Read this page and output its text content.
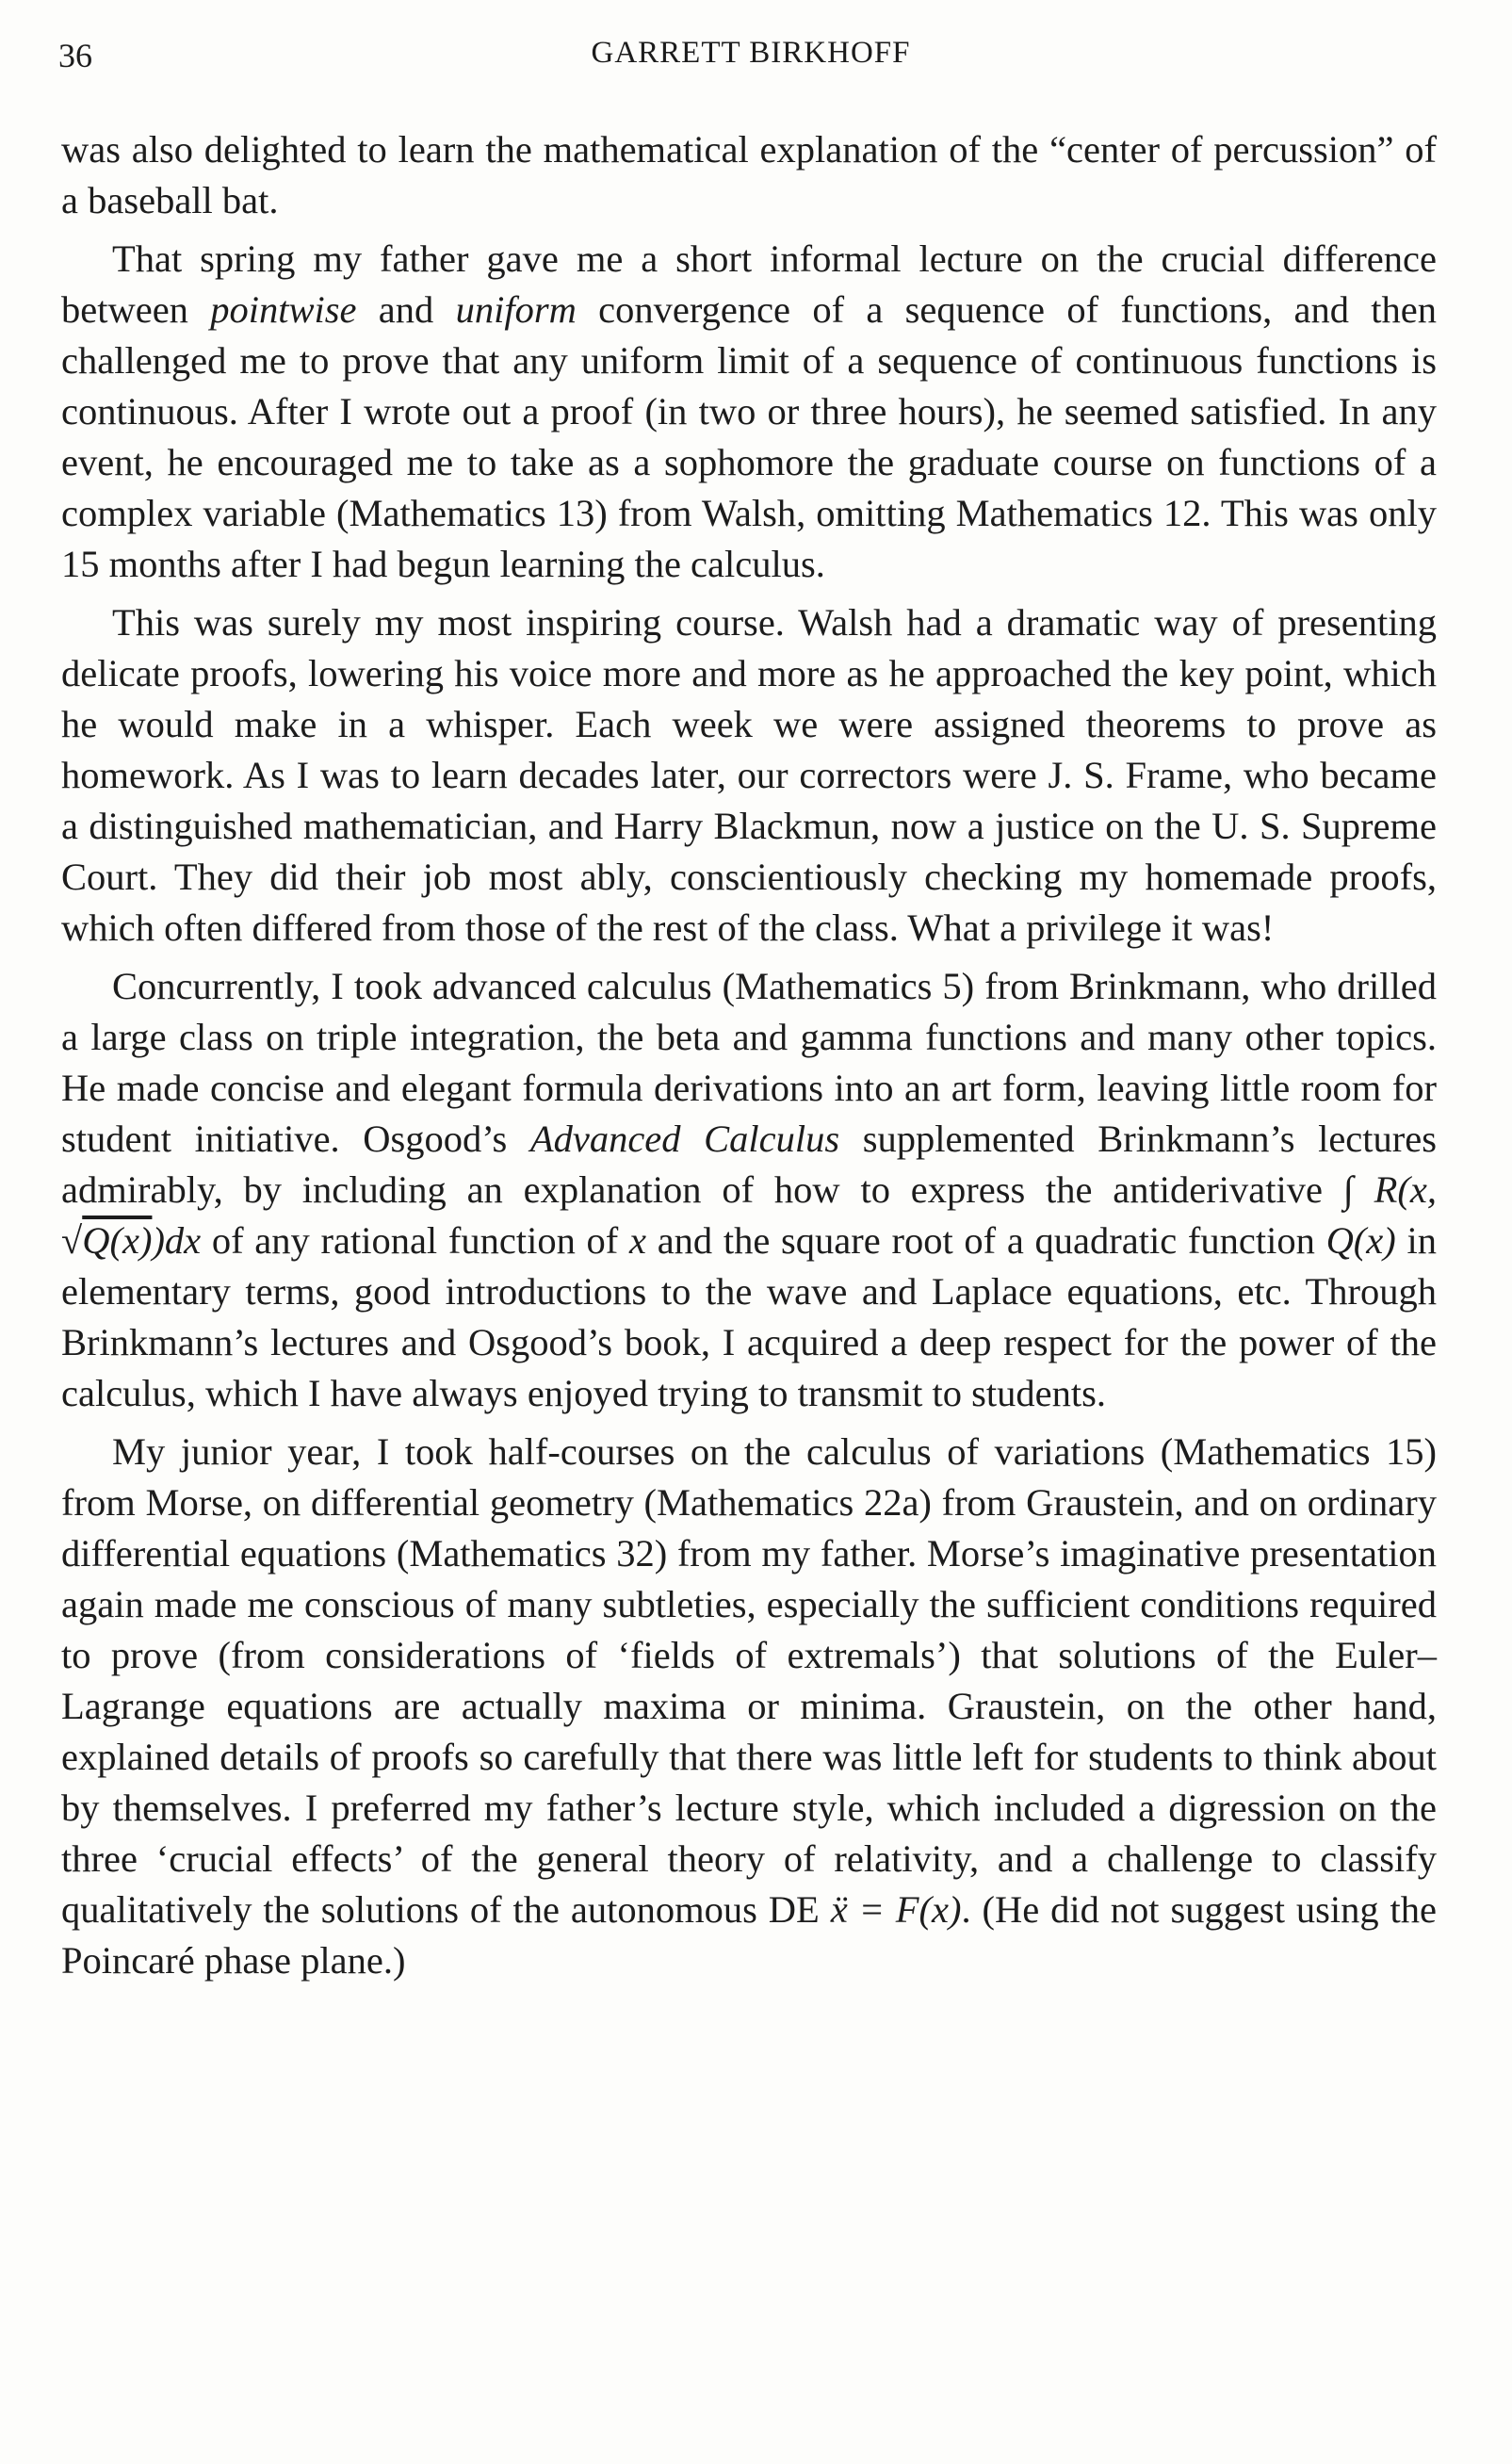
36	GARRETT BIRKHOFF

was also delighted to learn the mathematical explanation of the “center of percussion” of a baseball bat.

That spring my father gave me a short informal lecture on the crucial difference between pointwise and uniform convergence of a sequence of functions, and then challenged me to prove that any uniform limit of a sequence of continuous functions is continuous. After I wrote out a proof (in two or three hours), he seemed satisfied. In any event, he encouraged me to take as a sophomore the graduate course on functions of a complex variable (Mathematics 13) from Walsh, omitting Mathematics 12. This was only 15 months after I had begun learning the calculus.

This was surely my most inspiring course. Walsh had a dramatic way of presenting delicate proofs, lowering his voice more and more as he approached the key point, which he would make in a whisper. Each week we were assigned theorems to prove as homework. As I was to learn decades later, our correctors were J. S. Frame, who became a distinguished mathematician, and Harry Blackmun, now a justice on the U. S. Supreme Court. They did their job most ably, conscientiously checking my homemade proofs, which often differed from those of the rest of the class. What a privilege it was!

Concurrently, I took advanced calculus (Mathematics 5) from Brinkmann, who drilled a large class on triple integration, the beta and gamma functions and many other topics. He made concise and elegant formula derivations into an art form, leaving little room for student initiative. Osgood’s Advanced Calculus supplemented Brinkmann’s lectures admirably, by including an explanation of how to express the antiderivative ∫ R(x, √Q(x))dx of any rational function of x and the square root of a quadratic function Q(x) in elementary terms, good introductions to the wave and Laplace equations, etc. Through Brinkmann’s lectures and Osgood’s book, I acquired a deep respect for the power of the calculus, which I have always enjoyed trying to transmit to students.

My junior year, I took half-courses on the calculus of variations (Mathematics 15) from Morse, on differential geometry (Mathematics 22a) from Graustein, and on ordinary differential equations (Mathematics 32) from my father. Morse’s imaginative presentation again made me conscious of many subtleties, especially the sufficient conditions required to prove (from considerations of ‘fields of extremals’) that solutions of the Euler–Lagrange equations are actually maxima or minima. Graustein, on the other hand, explained details of proofs so carefully that there was little left for students to think about by themselves. I preferred my father’s lecture style, which included a digression on the three ‘crucial effects’ of the general theory of relativity, and a challenge to classify qualitatively the solutions of the autonomous DE ẍ = F(x). (He did not suggest using the Poincaré phase plane.)
